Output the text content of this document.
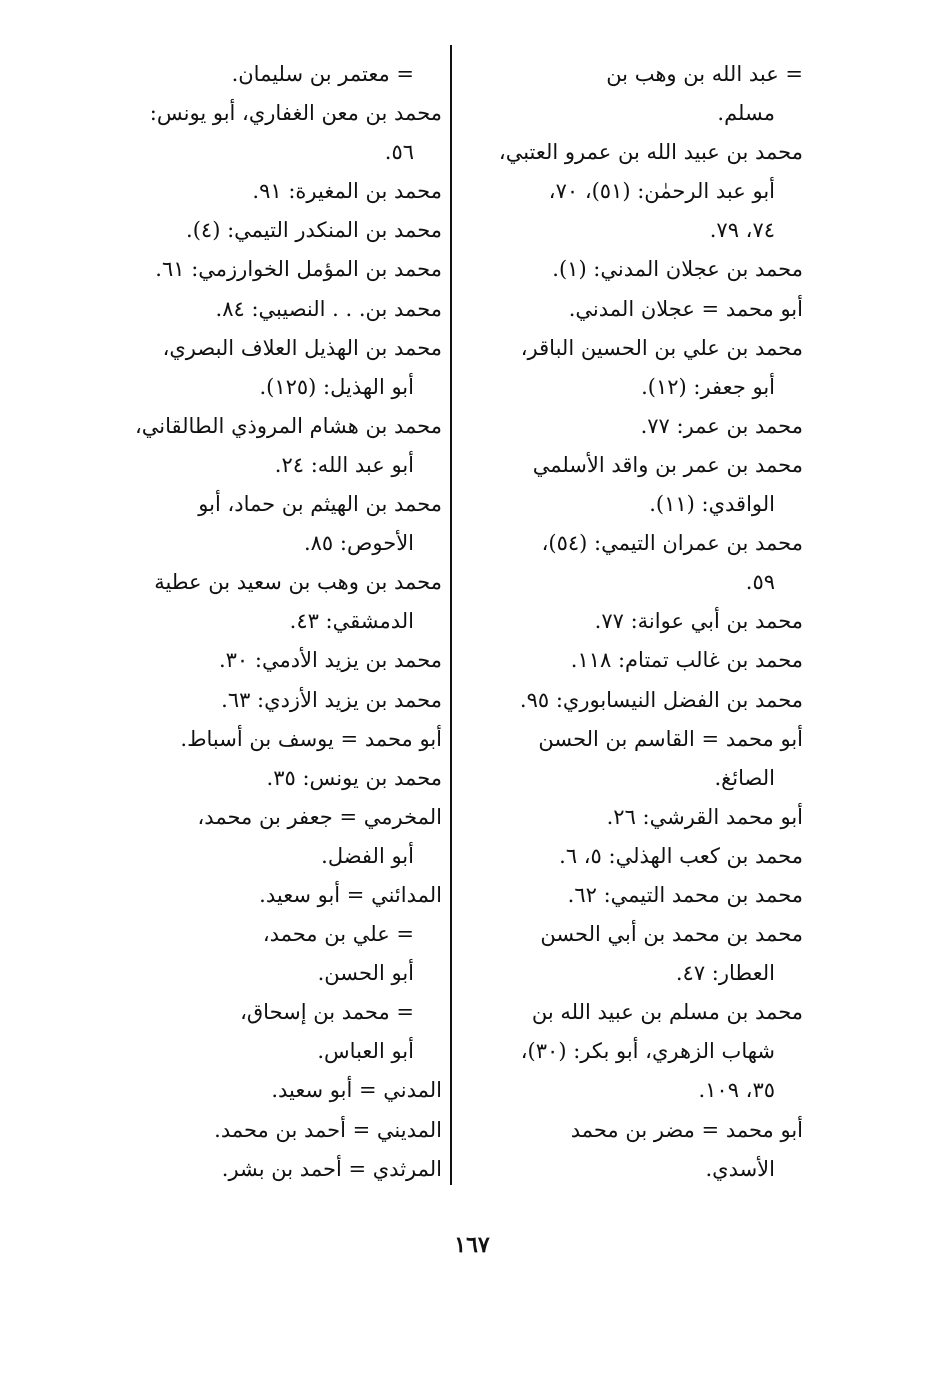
= عبد الله بن وهب بن
مسلم.
محمد بن عبيد الله بن عمرو العتبي،
أبو عبد الرحمٰن: (٥١)، ٧٠،
٧٤، ٧٩.
محمد بن عجلان المدني: (١).
أبو محمد = عجلان المدني.
محمد بن علي بن الحسين الباقر،
أبو جعفر: (١٢).
محمد بن عمر: ٧٧.
محمد بن عمر بن واقد الأسلمي
الواقدي: (١١).
محمد بن عمران التيمي: (٥٤)،
٥٩.
محمد بن أبي عوانة: ٧٧.
محمد بن غالب تمتام: ١١٨.
محمد بن الفضل النيسابوري: ٩٥.
أبو محمد = القاسم بن الحسن
الصائغ.
أبو محمد القرشي: ٢٦.
محمد بن كعب الهذلي: ٥، ٦.
محمد بن محمد التيمي: ٦٢.
محمد بن محمد بن أبي الحسن
العطار: ٤٧.
محمد بن مسلم بن عبيد الله بن
شهاب الزهري، أبو بكر: (٣٠)،
٣٥، ١٠٩.
أبو محمد = مضر بن محمد
الأسدي.
= معتمر بن سليمان.
محمد بن معن الغفاري، أبو يونس:
٥٦.
محمد بن المغيرة: ٩١.
محمد بن المنكدر التيمي: (٤).
محمد بن المؤمل الخوارزمي: ٦١.
محمد بن. . . النصيبي: ٨٤.
محمد بن الهذيل العلاف البصري،
أبو الهذيل: (١٢٥).
محمد بن هشام المروذي الطالقاني،
أبو عبد الله: ٢٤.
محمد بن الهيثم بن حماد، أبو
الأحوص: ٨٥.
محمد بن وهب بن سعيد بن عطية
الدمشقي: ٤٣.
محمد بن يزيد الأدمي: ٣٠.
محمد بن يزيد الأزدي: ٦٣.
أبو محمد = يوسف بن أسباط.
محمد بن يونس: ٣٥.
المخرمي = جعفر بن محمد،
أبو الفضل.
المدائني = أبو سعيد.
= علي بن محمد،
أبو الحسن.
= محمد بن إسحاق،
أبو العباس.
المدني = أبو سعيد.
المديني = أحمد بن محمد.
المرثدي = أحمد بن بشر.
١٦٧
